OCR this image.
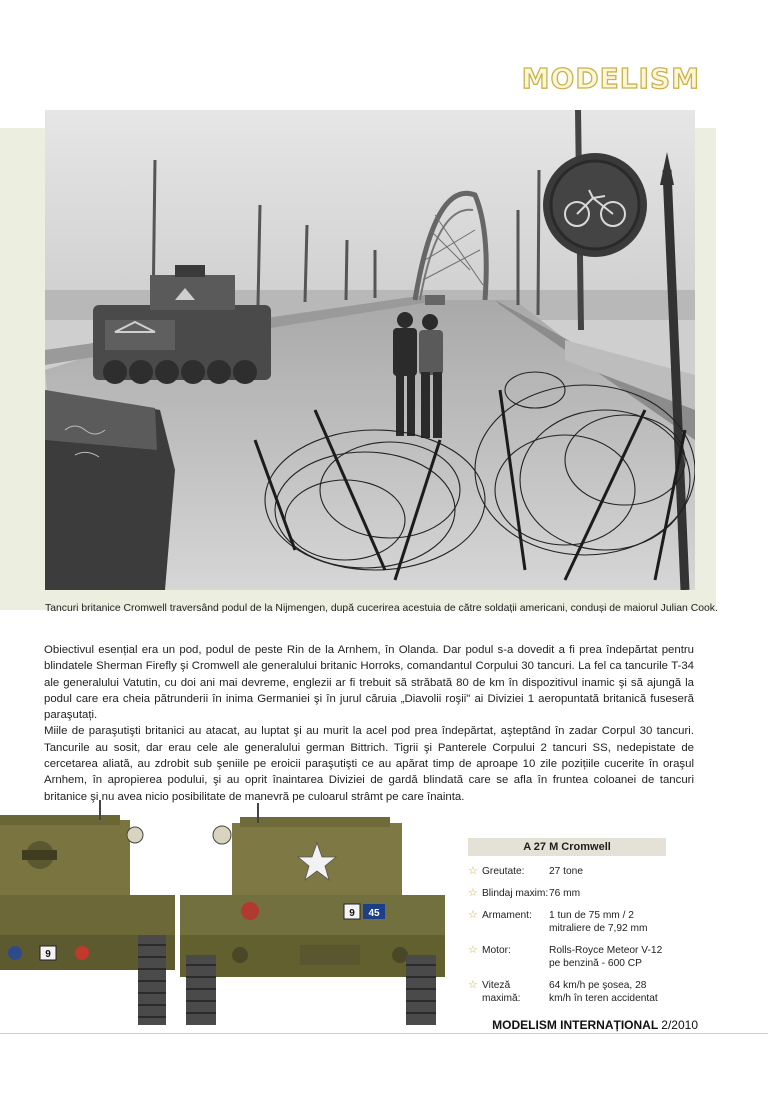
MODELISM
Tancuri britanice Cromwell traversând podul de la Nijmengen, după cucerirea acestuia de către soldații americani, conduși de maiorul Julian Cook.

Obiectivul esențial era un pod, podul de peste Rin de la Arnhem, în Olanda. Dar podul s-a dovedit a fi prea îndepărtat pentru blindatele Sherman Firefly şi Cromwell ale generalului britanic Horroks, comandantul Corpului 30 tancuri. La fel ca tancurile T-34 ale generalului Vatutin, cu doi ani mai devreme, englezii ar fi trebuit să străbată 80 de km în dispozitivul inamic şi să ajungă la podul care era cheia pătrunderii în inima Germaniei şi în jurul căruia „Diavolii roşii" ai Diviziei 1 aeropuntată britanică fuseseră paraşutați.

Miile de paraşutişti britanici au atacat, au luptat şi au murit la acel pod prea îndepărtat, aşteptând în zadar Corpul 30 tancuri. Tancurile au sosit, dar erau cele ale generalului german Bittrich. Tigrii şi Panterele Corpului 2 tancuri SS, nedepistate de cercetarea aliată, au zdrobit sub şeniile pe eroicii paraşutişti ce au apărat timp de aproape 10 zile pozițiile cucerite în oraşul Arnhem, în apropierea podului, şi au oprit înaintarea Diviziei de gardă blindată care se afla în fruntea coloanei de tancuri britanice şi nu avea nicio posibilitate de manevră pe culoarul strâmt pe care înainta.

9
9 45
A 27 M Cromwell
☆ Greutate:	27 tone
☆ Blindaj maxim: 76 mm
☆ Armament:	1 tun de 75 mm / 2 mitraliere de 7,92 mm
☆ Motor:	Rolls-Royce Meteor V-12 pe benzină - 600 CP
☆ Viteză maximă:
64 km/h pe şosea, 28 km/h în teren accidentat
MODELISM INTERNAȚIONAL 2/2010
